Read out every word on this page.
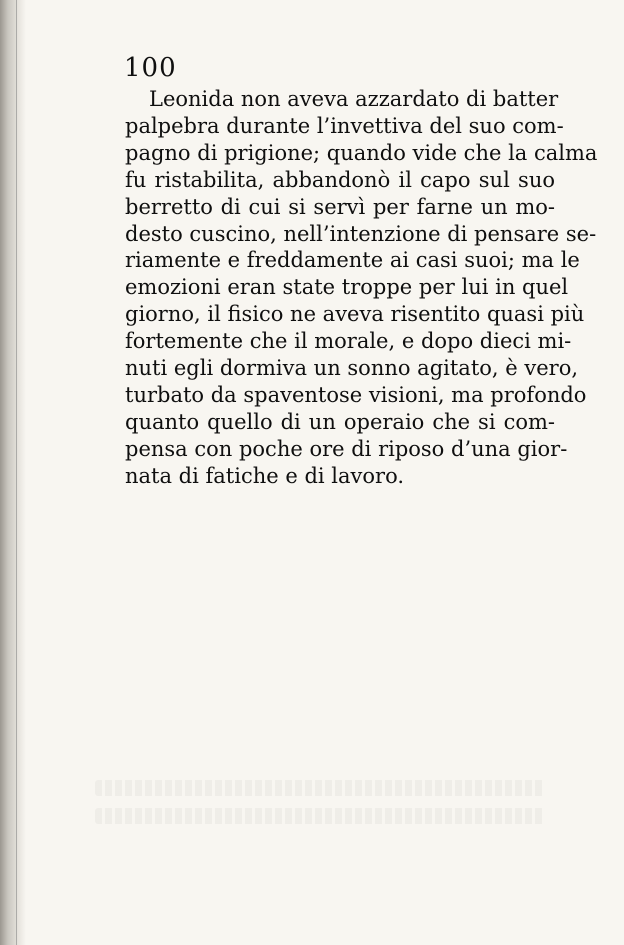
100
Leonida non aveva azzardato di batter
palpebra durante l’invettiva del suo com-
pagno di prigione; quando vide che la calma
fu ristabilita, abbandonò il capo sul suo
berretto di cui si servì per farne un mo-
desto cuscino, nell’intenzione di pensare se-
riamente e freddamente ai casi suoi; ma le
emozioni eran state troppe per lui in quel
giorno, il fisico ne aveva risentito quasi più
fortemente che il morale, e dopo dieci mi-
nuti egli dormiva un sonno agitato, è vero,
turbato da spaventose visioni, ma profondo
quanto quello di un operaio che si com-
pensa con poche ore di riposo d’una gior-
nata di fatiche e di lavoro.
